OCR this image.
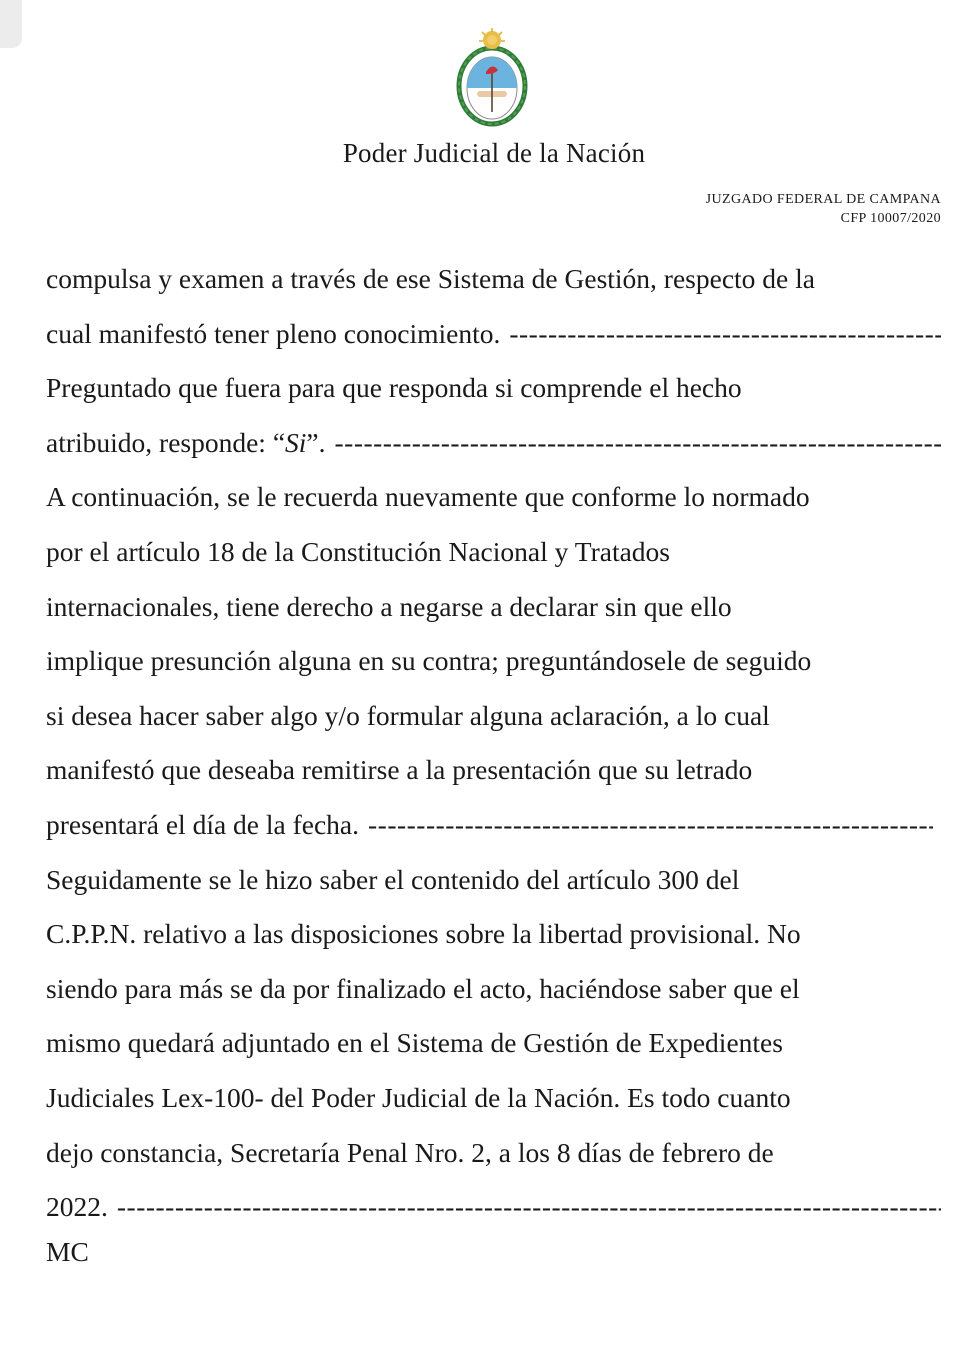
Poder Judicial de la Nación
JUZGADO FEDERAL DE CAMPANA
CFP 10007/2020
compulsa y examen a través de ese Sistema de Gestión, respecto de la
cual manifestó tener pleno conocimiento.
-----
Preguntado que fuera para que responda si comprende el hecho
atribuido, responde: “Si”.
-----
A continuación, se le recuerda nuevamente que conforme lo normado
por el artículo 18 de la Constitución Nacional y Tratados
internacionales, tiene derecho a negarse a declarar sin que ello
implique presunción alguna en su contra; preguntándosele de seguido
si desea hacer saber algo y/o formular alguna aclaración, a lo cual
manifestó que deseaba remitirse a la presentación que su letrado
presentará el día de la fecha.
-----
Seguidamente se le hizo saber el contenido del artículo 300 del
C.P.P.N. relativo a las disposiciones sobre la libertad provisional. No
siendo para más se da por finalizado el acto, haciéndose saber que el
mismo quedará adjuntado en el Sistema de Gestión de Expedientes
Judiciales Lex-100- del Poder Judicial de la Nación. Es todo cuanto
dejo constancia, Secretaría Penal Nro. 2, a los 8 días de febrero de
2022.
-----
MC
